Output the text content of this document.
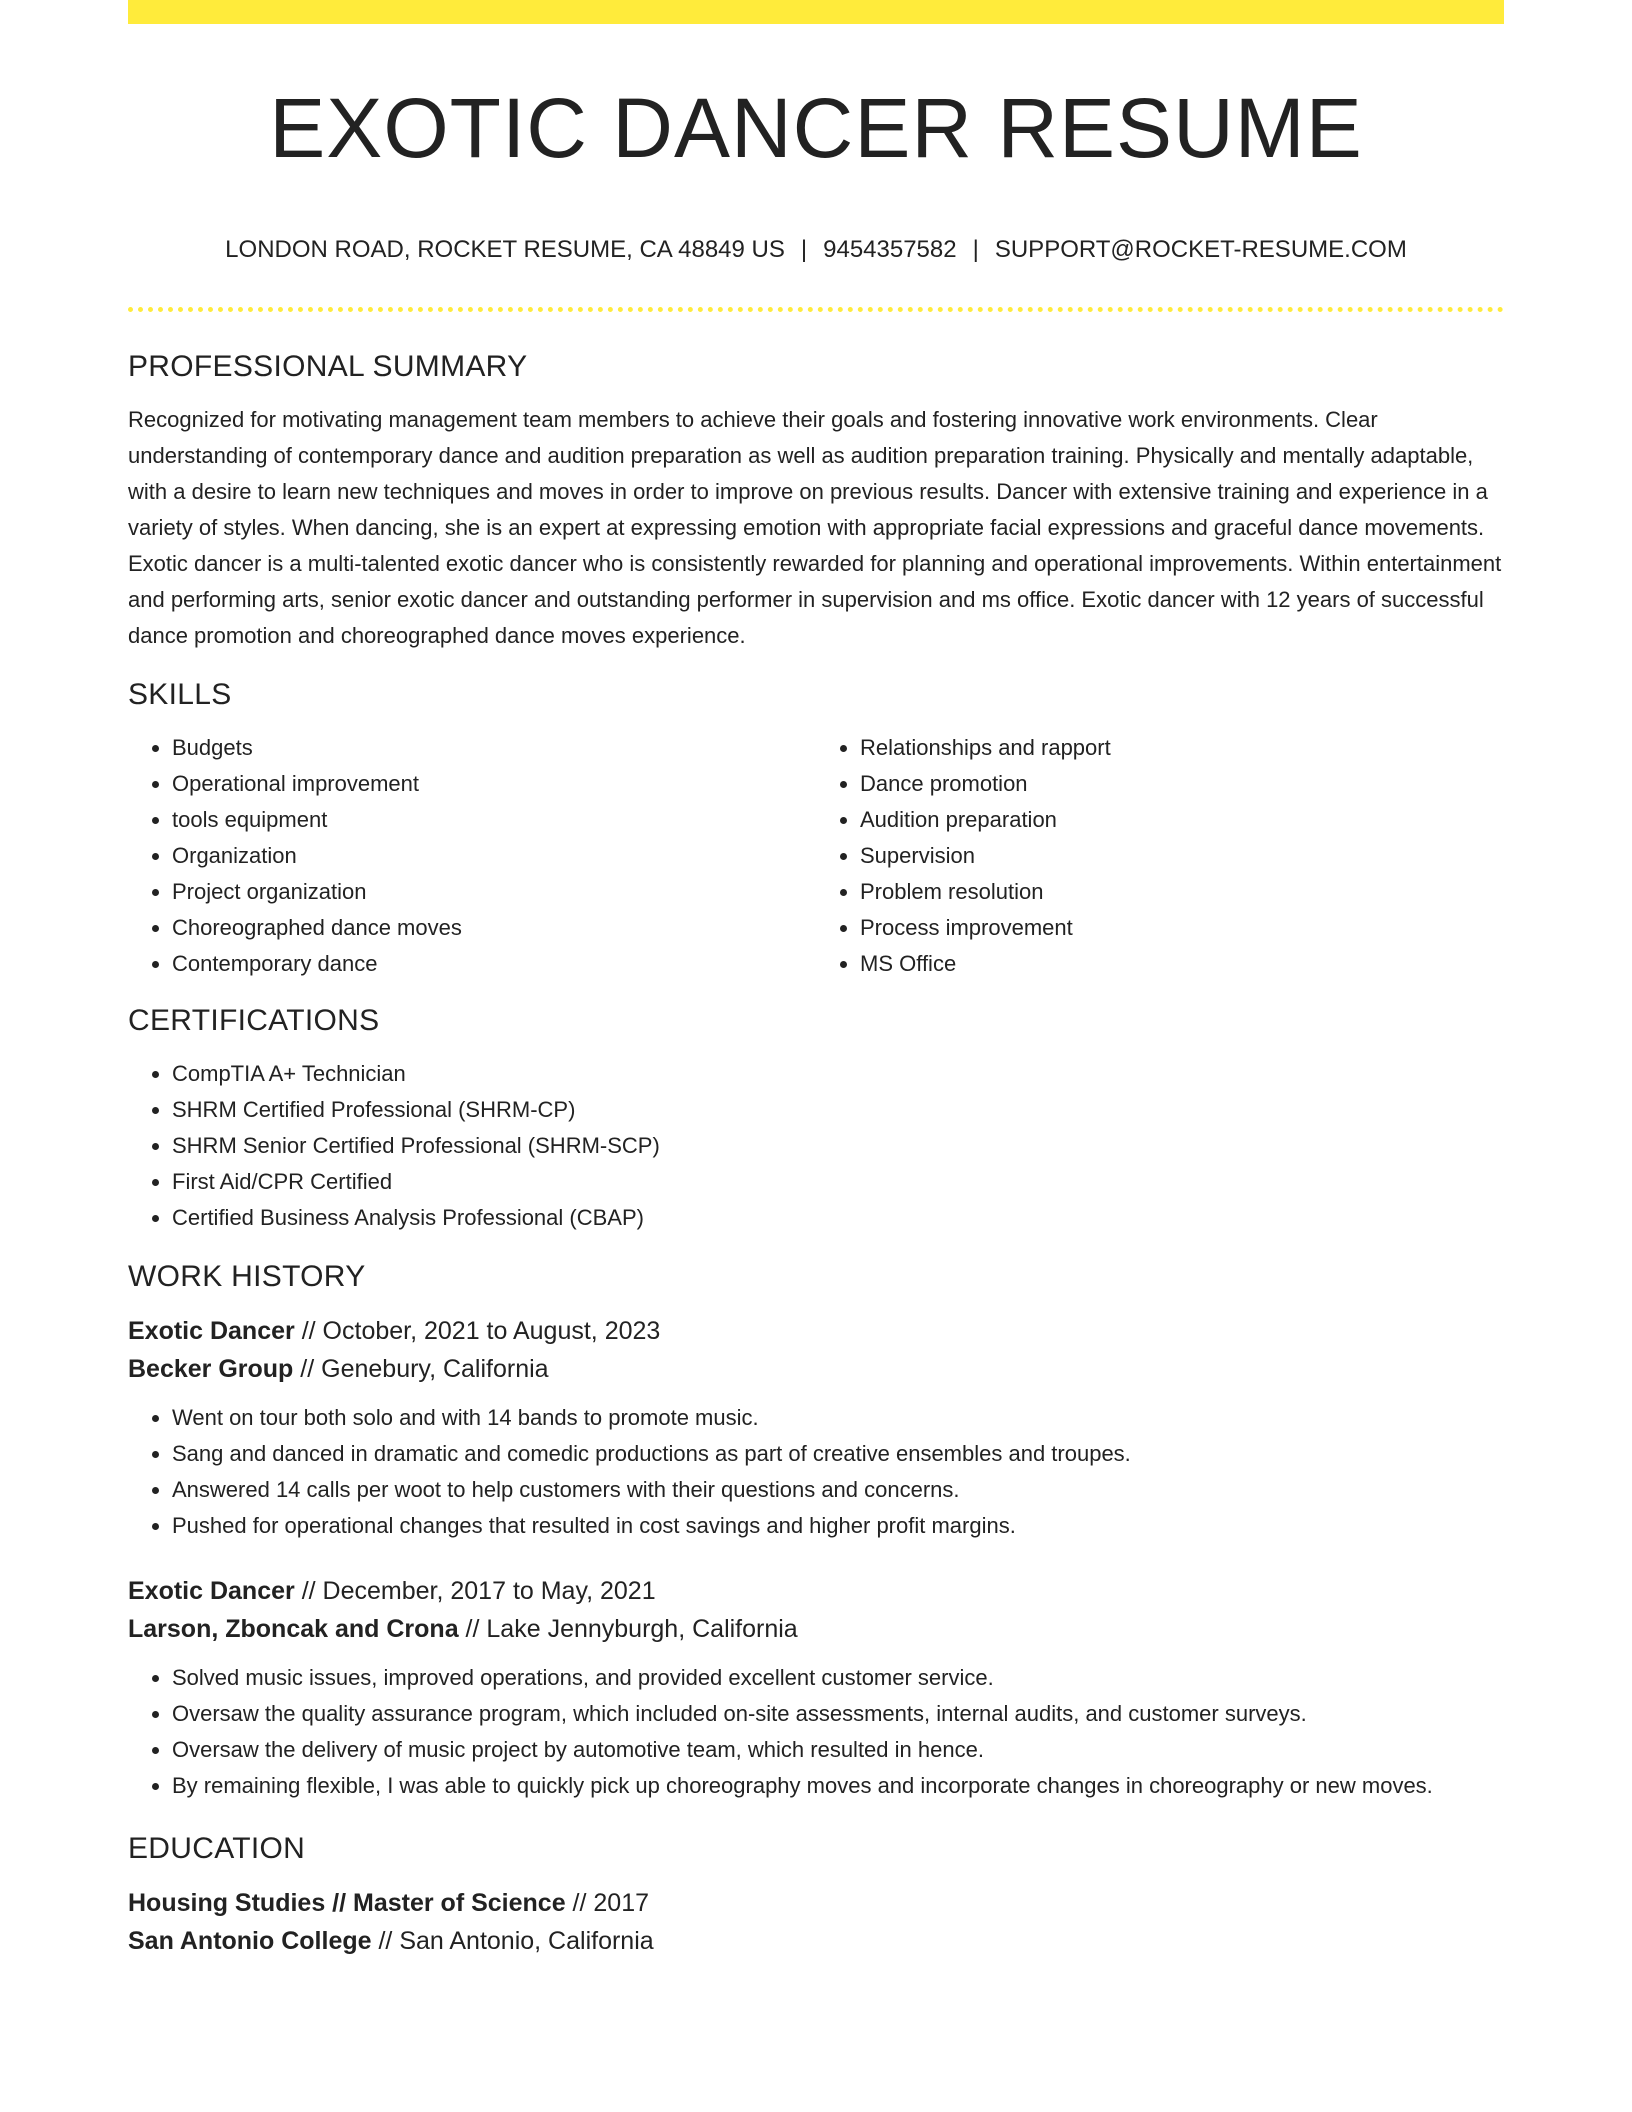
EXOTIC DANCER RESUME
LONDON ROAD, ROCKET RESUME, CA 48849 US | 9454357582 | SUPPORT@ROCKET-RESUME.COM
PROFESSIONAL SUMMARY

Recognized for motivating management team members to achieve their goals and fostering innovative work environments. Clear understanding of contemporary dance and audition preparation as well as audition preparation training. Physically and mentally adaptable, with a desire to learn new techniques and moves in order to improve on previous results. Dancer with extensive training and experience in a variety of styles. When dancing, she is an expert at expressing emotion with appropriate facial expressions and graceful dance movements. Exotic dancer is a multi-talented exotic dancer who is consistently rewarded for planning and operational improvements. Within entertainment and performing arts, senior exotic dancer and outstanding performer in supervision and ms office. Exotic dancer with 12 years of successful dance promotion and choreographed dance moves experience.

SKILLS
• Budgets
• Operational improvement
• tools equipment
• Organization
• Project organization
• Choreographed dance moves
• Contemporary dance
• Relationships and rapport
• Dance promotion
• Audition preparation
• Supervision
• Problem resolution
• Process improvement
• MS Office
CERTIFICATIONS
• CompTIA A+ Technician
• SHRM Certified Professional (SHRM-CP)
• SHRM Senior Certified Professional (SHRM-SCP)
• First Aid/CPR Certified
• Certified Business Analysis Professional (CBAP)
WORK HISTORY
Exotic Dancer // October, 2021 to August, 2023
Becker Group // Genebury, California
• Went on tour both solo and with 14 bands to promote music.
• Sang and danced in dramatic and comedic productions as part of creative ensembles and troupes.
• Answered 14 calls per woot to help customers with their questions and concerns.
• Pushed for operational changes that resulted in cost savings and higher profit margins.
Exotic Dancer // December, 2017 to May, 2021
Larson, Zboncak and Crona // Lake Jennyburgh, California
• Solved music issues, improved operations, and provided excellent customer service.
• Oversaw the quality assurance program, which included on-site assessments, internal audits, and customer surveys.
• Oversaw the delivery of music project by automotive team, which resulted in hence.
• By remaining flexible, I was able to quickly pick up choreography moves and incorporate changes in choreography or new moves.
EDUCATION
Housing Studies // Master of Science // 2017
San Antonio College // San Antonio, California
